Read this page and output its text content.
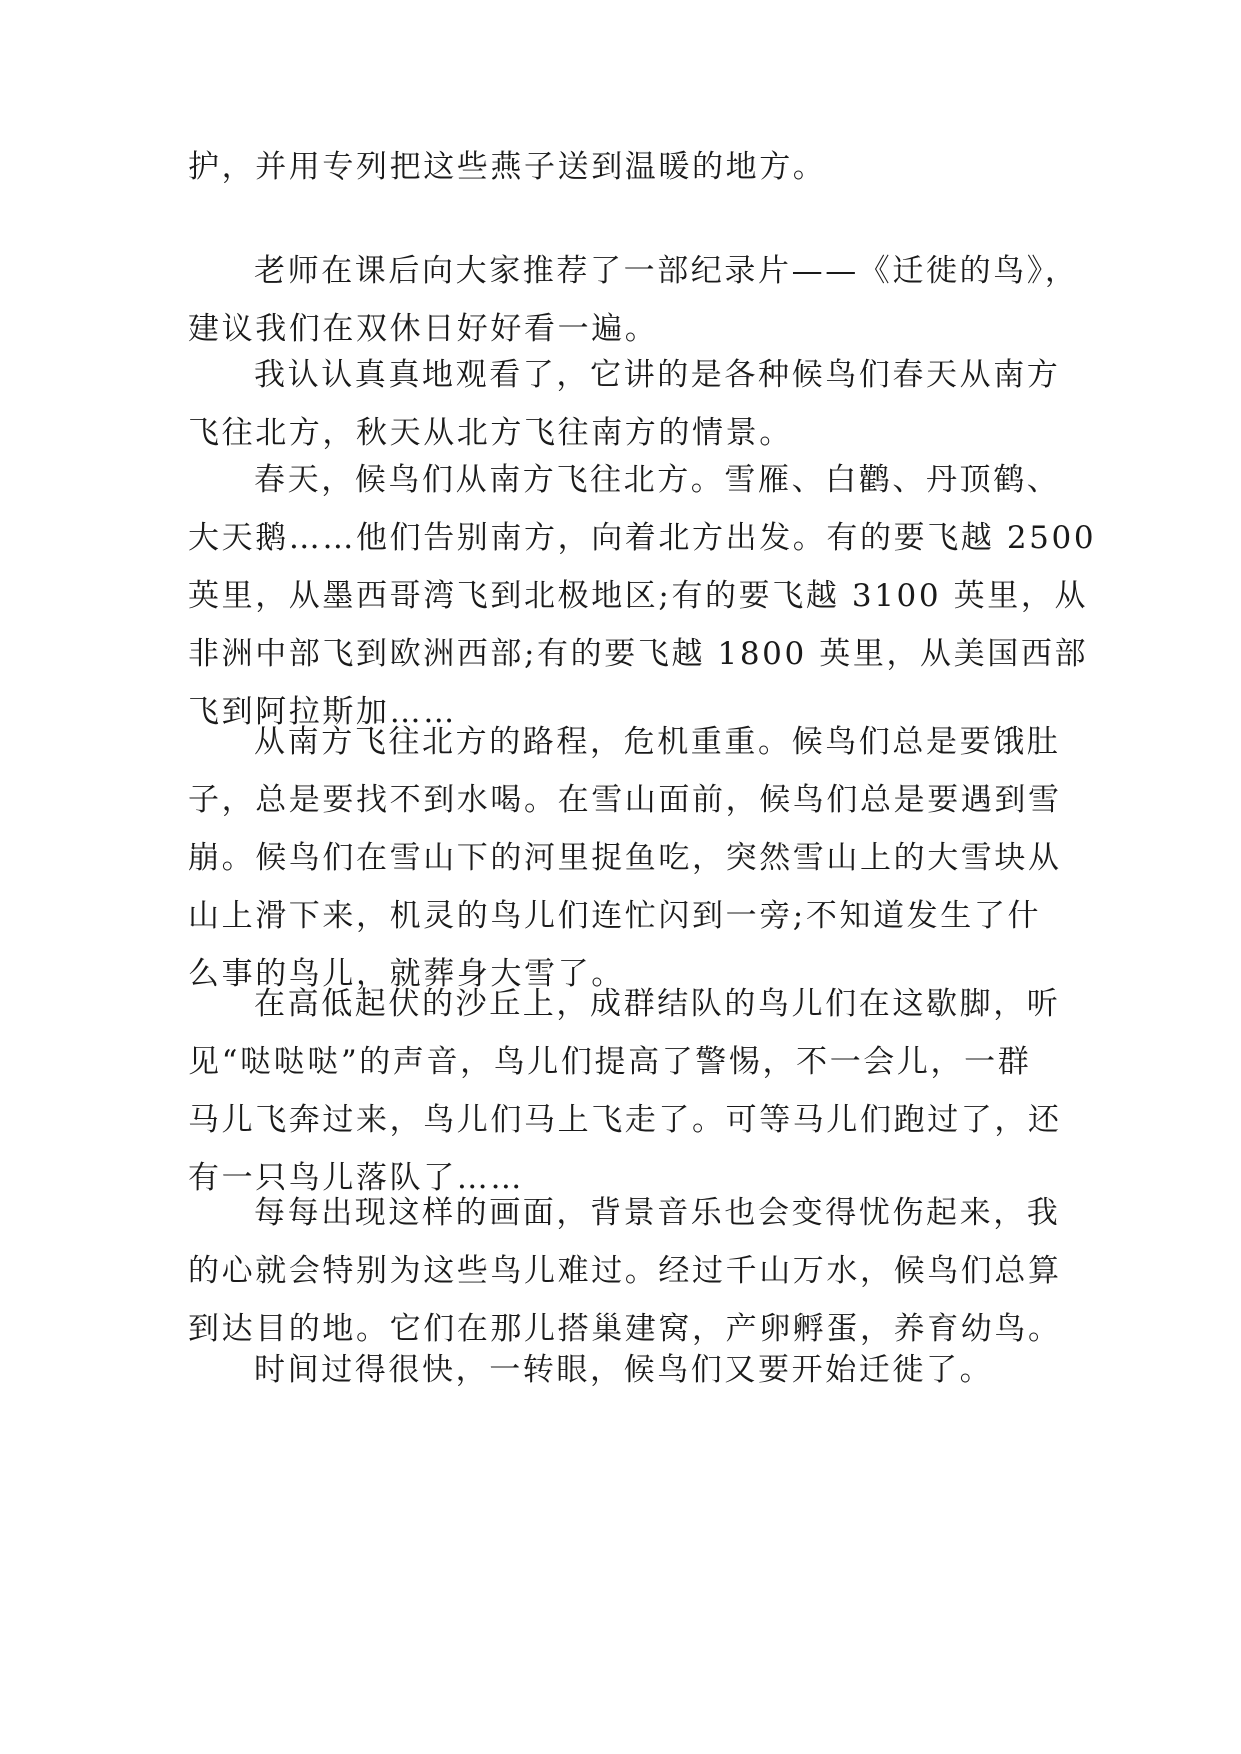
护，并用专列把这些燕子送到温暖的地方。
老师在课后向大家推荐了一部纪录片——《迁徙的鸟》，
建议我们在双休日好好看一遍。
我认认真真地观看了，它讲的是各种候鸟们春天从南方
飞往北方，秋天从北方飞往南方的情景。
春天，候鸟们从南方飞往北方。雪雁、白鹳、丹顶鹤、
大天鹅……他们告别南方，向着北方出发。有的要飞越 2500
英里，从墨西哥湾飞到北极地区;有的要飞越 3100 英里，从
非洲中部飞到欧洲西部;有的要飞越 1800 英里，从美国西部
飞到阿拉斯加……
从南方飞往北方的路程，危机重重。候鸟们总是要饿肚
子，总是要找不到水喝。在雪山面前，候鸟们总是要遇到雪
崩。候鸟们在雪山下的河里捉鱼吃，突然雪山上的大雪块从
山上滑下来，机灵的鸟儿们连忙闪到一旁;不知道发生了什
么事的鸟儿，就葬身大雪了。
在高低起伏的沙丘上，成群结队的鸟儿们在这歇脚，听
见“哒哒哒”的声音，鸟儿们提高了警惕，不一会儿，一群
马儿飞奔过来，鸟儿们马上飞走了。可等马儿们跑过了，还
有一只鸟儿落队了……
每每出现这样的画面，背景音乐也会变得忧伤起来，我
的心就会特别为这些鸟儿难过。经过千山万水，候鸟们总算
到达目的地。它们在那儿搭巢建窝，产卵孵蛋，养育幼鸟。
时间过得很快，一转眼，候鸟们又要开始迁徙了。
